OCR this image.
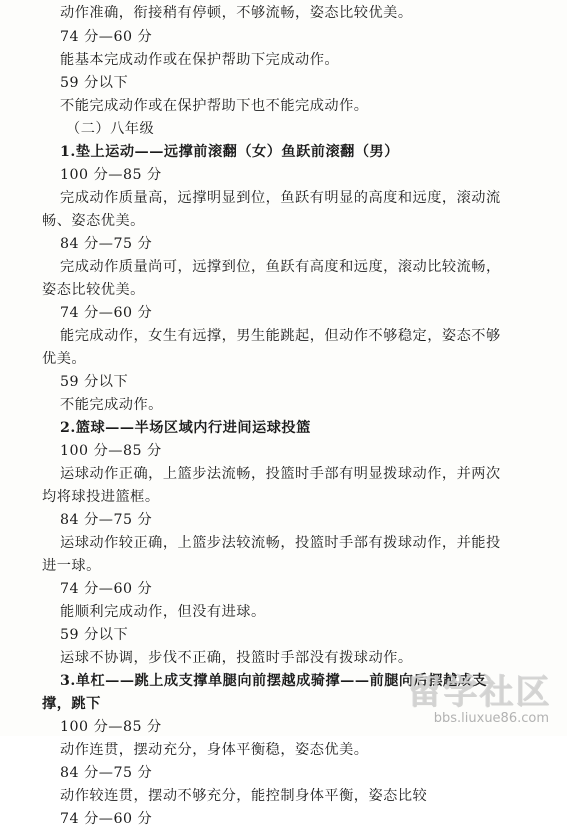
动作准确，衔接稍有停顿，不够流畅，姿态比较优美。
74 分—60 分
能基本完成动作或在保护帮助下完成动作。
59 分以下
不能完成动作或在保护帮助下也不能完成动作。
（二）八年级
1.垫上运动——远撑前滚翻（女）鱼跃前滚翻（男）
100 分—85 分
完成动作质量高，远撑明显到位，鱼跃有明显的高度和远度，滚动流
畅、姿态优美。
84 分—75 分
完成动作质量尚可，远撑到位，鱼跃有高度和远度，滚动比较流畅，
姿态比较优美。
74 分—60 分
能完成动作，女生有远撑，男生能跳起，但动作不够稳定，姿态不够
优美。
59 分以下
不能完成动作。
2.篮球——半场区域内行进间运球投篮
100 分—85 分
运球动作正确，上篮步法流畅，投篮时手部有明显拨球动作，并两次
均将球投进篮框。
84 分—75 分
运球动作较正确，上篮步法较流畅，投篮时手部有拨球动作，并能投
进一球。
74 分—60 分
能顺利完成动作，但没有进球。
59 分以下
运球不协调，步伐不正确，投篮时手部没有拨球动作。
3.单杠——跳上成支撑单腿向前摆越成骑撑——前腿向后摆越成支
撑，跳下
100 分—85 分
动作连贯，摆动充分，身体平衡稳，姿态优美。
84 分—75 分
动作较连贯，摆动不够充分，能控制身体平衡，姿态比较
74 分—60 分
留学社区
bbs.liuxue86.com
